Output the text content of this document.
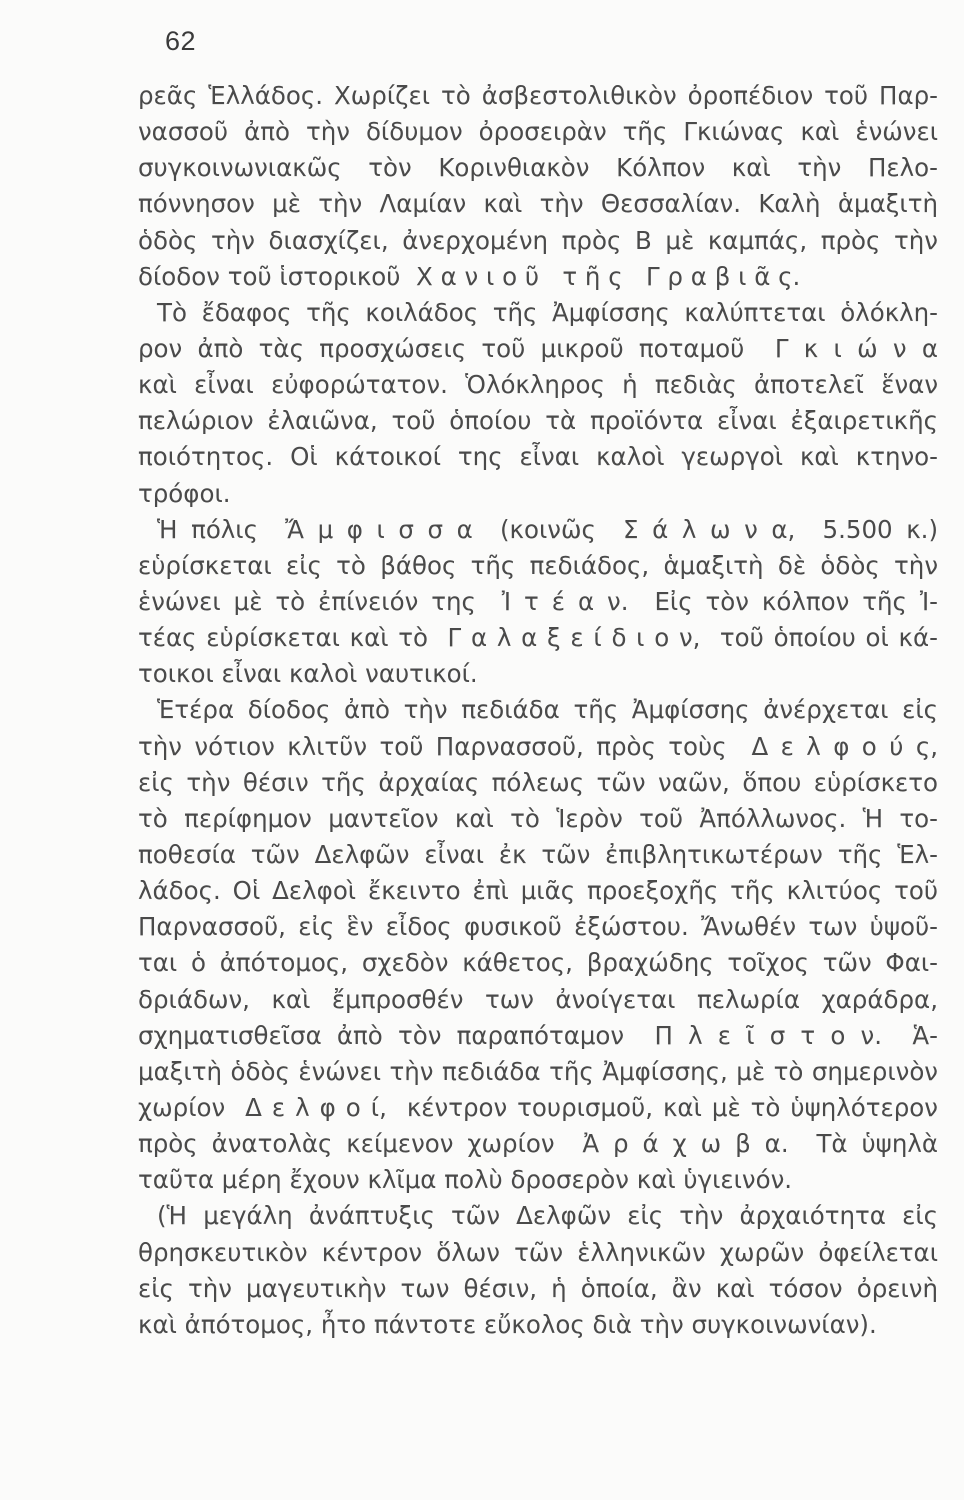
62
ρεᾶς Ἑλλάδος. Χωρίζει τὸ ἀσβεστολιθικὸν ὀροπέδιον τοῦ Παρ-
νασσοῦ ἀπὸ τὴν δίδυμον ὀροσειρὰν τῆς Γκιώνας καὶ ἑνώνει
συγκοινωνιακῶς τὸν Κορινθιακὸν Κόλπον καὶ τὴν Πελο-
πόννησον μὲ τὴν Λαμίαν καὶ τὴν Θεσσαλίαν. Καλὴ ἁμαξιτὴ
ὁδὸς τὴν διασχίζει, ἀνερχομένη πρὸς Β μὲ καμπάς, πρὸς τὴν
δίοδον τοῦ ἱστορικοῦ  Χ α ν ι ο ῦ   τ ῆ ς   Γ ρ α β ι ᾶ ς.
Τὸ ἔδαφος τῆς κοιλάδος τῆς Ἀμφίσσης καλύπτεται ὁλόκλη-
ρον ἀπὸ τὰς προσχώσεις τοῦ μικροῦ ποταμοῦ  Γ κ ι ώ ν α
καὶ εἶναι εὐφορώτατον. Ὁλόκληρος ἡ πεδιὰς ἀποτελεῖ ἕναν
πελώριον ἐλαιῶνα, τοῦ ὁποίου τὰ προϊόντα εἶναι ἐξαιρετικῆς
ποιότητος. Οἱ κάτοικοί της εἶναι καλοὶ γεωργοὶ καὶ κτηνο-
τρόφοι.
Ἡ πόλις  Ἄ μ φ ι σ σ α  (κοινῶς  Σ ά λ ω ν α,  5.500 κ.)
εὑρίσκεται εἰς τὸ βάθος τῆς πεδιάδος, ἁμαξιτὴ δὲ ὁδὸς τὴν
ἑνώνει μὲ τὸ ἐπίνειόν της  Ἰ τ έ α ν.  Εἰς τὸν κόλπον τῆς Ἰ-
τέας εὑρίσκεται καὶ τὸ  Γ α λ α ξ ε ί δ ι ο ν,  τοῦ ὁποίου οἱ κά-
τοικοι εἶναι καλοὶ ναυτικοί.
Ἑτέρα δίοδος ἀπὸ τὴν πεδιάδα τῆς Ἀμφίσσης ἀνέρχεται εἰς
τὴν νότιον κλιτῦν τοῦ Παρνασσοῦ, πρὸς τοὺς  Δ ε λ φ ο ύ ς,
εἰς τὴν θέσιν τῆς ἀρχαίας πόλεως τῶν ναῶν, ὅπου εὑρίσκετο
τὸ περίφημον μαντεῖον καὶ τὸ Ἱερὸν τοῦ Ἀπόλλωνος. Ἡ το-
ποθεσία τῶν Δελφῶν εἶναι ἐκ τῶν ἐπιβλητικωτέρων τῆς Ἑλ-
λάδος. Οἱ Δελφοὶ ἔκειντο ἐπὶ μιᾶς προεξοχῆς τῆς κλιτύος τοῦ
Παρνασσοῦ, εἰς ἓν εἶδος φυσικοῦ ἐξώστου. Ἄνωθέν των ὑψοῦ-
ται ὁ ἀπότομος, σχεδὸν κάθετος, βραχώδης τοῖχος τῶν Φαι-
δριάδων, καὶ ἔμπροσθέν των ἀνοίγεται πελωρία χαράδρα,
σχηματισθεῖσα ἀπὸ τὸν παραπόταμον  Π λ ε ῖ σ τ ο ν.  Ἁ-
μαξιτὴ ὁδὸς ἑνώνει τὴν πεδιάδα τῆς Ἀμφίσσης, μὲ τὸ σημερινὸν
χωρίον  Δ ε λ φ ο ί,  κέντρον τουρισμοῦ, καὶ μὲ τὸ ὑψηλότερον
πρὸς ἀνατολὰς κείμενον χωρίον  Ἀ ρ ά χ ω β α.  Τὰ ὑψηλὰ
ταῦτα μέρη ἔχουν κλῖμα πολὺ δροσερὸν καὶ ὑγιεινόν.
(Ἡ μεγάλη ἀνάπτυξις τῶν Δελφῶν εἰς τὴν ἀρχαιότητα εἰς
θρησκευτικὸν κέντρον ὅλων τῶν ἑλληνικῶν χωρῶν ὀφείλεται
εἰς τὴν μαγευτικὴν των θέσιν, ἡ ὁποία, ἂν καὶ τόσον ὀρεινὴ
καὶ ἀπότομος, ἦτο πάντοτε εὔκολος διὰ τὴν συγκοινωνίαν).
